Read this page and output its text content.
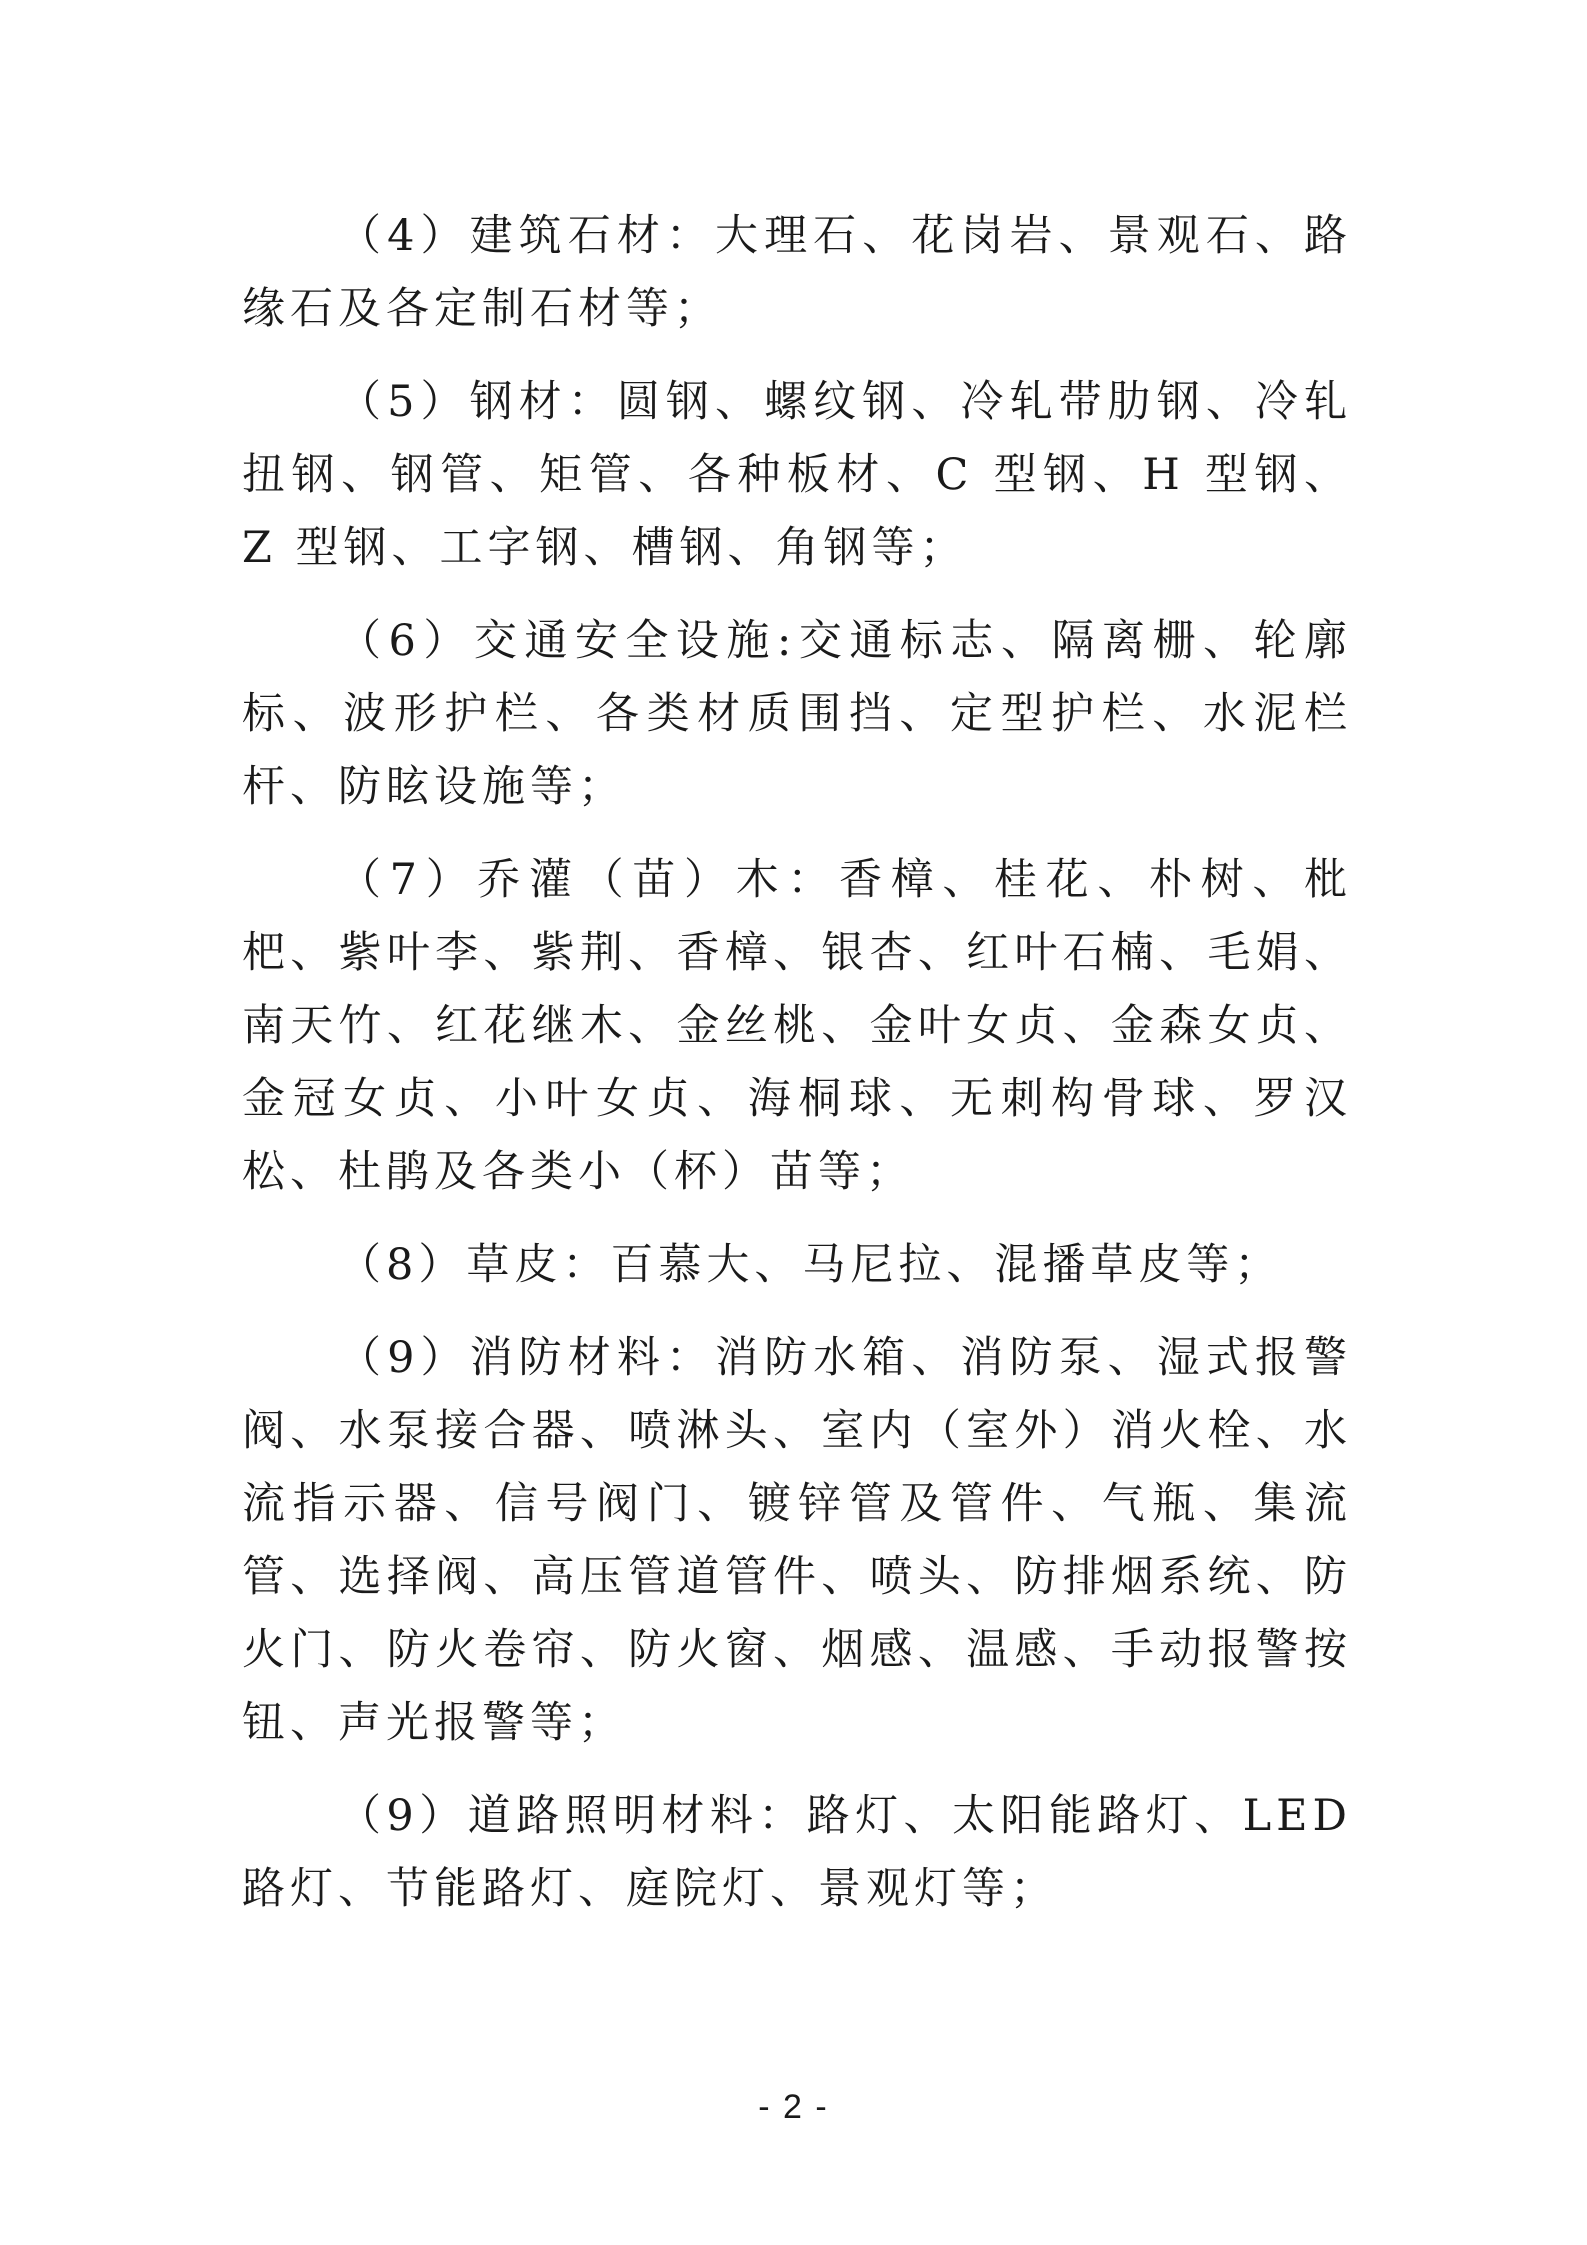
（4）建筑石材：大理石、花岗岩、景观石、路缘石及各定制石材等；

（5）钢材：圆钢、螺纹钢、冷轧带肋钢、冷轧扭钢、钢管、矩管、各种板材、C 型钢、H 型钢、Z 型钢、工字钢、槽钢、角钢等；

（6）交通安全设施:交通标志、隔离栅、轮廓标、波形护栏、各类材质围挡、定型护栏、水泥栏杆、防眩设施等；

（7）乔灌（苗）木：香樟、桂花、朴树、枇杷、紫叶李、紫荆、香樟、银杏、红叶石楠、毛娟、南天竹、红花继木、金丝桃、金叶女贞、金森女贞、金冠女贞、小叶女贞、海桐球、无刺构骨球、罗汉松、杜鹃及各类小（杯）苗等；

（8）草皮：百慕大、马尼拉、混播草皮等；

（9）消防材料：消防水箱、消防泵、湿式报警阀、水泵接合器、喷淋头、室内（室外）消火栓、水流指示器、信号阀门、镀锌管及管件、气瓶、集流管、选择阀、高压管道管件、喷头、防排烟系统、防火门、防火卷帘、防火窗、烟感、温感、手动报警按钮、声光报警等；

（9）道路照明材料：路灯、太阳能路灯、LED 路灯、节能路灯、庭院灯、景观灯等；

- 2 -
